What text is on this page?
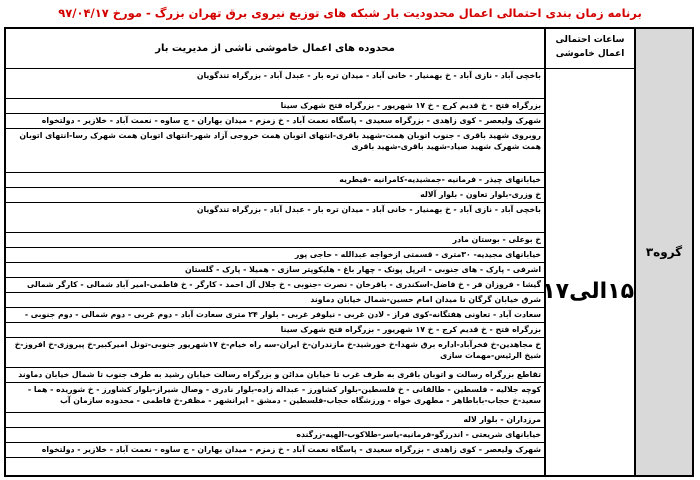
برنامه زمان بندی احتمالی اعمال محدودیت بار شبکه های توزیع نیروی برق تهران بزرگ - مورخ ۹۷/۰۴/۱۷
گروه۳
ساعات احتمالی اعمال خاموشی
۱۵الی۱۷
محدوده های اعمال خاموشی ناشی از مدیریت بار
باخچی آباد - نازی آباد - خ بهمنیار - خانی آباد - میدان تره بار - عبدل آباد - بزرگراه تندگویان
بزرگراه فتح - خ قدیم کرج - خ ۱۷ شهریور - بزرگراه فتح شهرک سینا
شهرک ولیعصر - کوی زاهدی - بزرگراه سعیدی - پاسگاه نعمت آباد - خ زمزم - میدان بهاران - ج ساوه - نعمت آباد - خلازیر - دولتخواه
روبروی شهید باقری - جنوب اتوبان همت-شهید باقری-انتهای اتوبان همت خروجی آزاد شهر-انتهای اتوبان همت شهرک رسا-انتهای اتوبان همت شهرک شهید صیاد-شهید باقری-شهید باقری
خیابانهای چیذر - فرمانیه -جمشیدیه-کامرانیه -قیطریه
خ وزری-بلوار تعاون - بلوار آلاله
باخچی آباد - نازی آباد - خ بهمنیار - خانی آباد - میدان تره بار - عبدل آباد - بزرگراه تندگویان
خ بوعلی - بوستان مادر
خیابانهای مجیدیه- ۳۰متری - قسمتی ازخواجه عبدالله - حاجی پور
اشرفی - پارک - های جنوبی - اترپل پونک - چهار باغ - هلیکوپتر سازی - همیلا - پارک - گلستان
گیشا - فروزان فر - خ فاضل-اسکندری - باقرخان - نصرت -جنوبی - خ جلال آل احمد - کارگر - خ فاطمی-امیر آباد شمالی - کارگر شمالی
شرق خیابان گرگان تا میدان امام حسین-شمال خیابان دماوند
سعادت آباد - تعاونی هفتگانه-کوی فراز - لادن غربی - نیلوفر غربی - بلوار ۲۴ متری سعادت آباد - دوم غربی - دوم شمالی - دوم جنوبی -
بزرگراه فتح - خ قدیم کرج - خ ۱۷ شهریور - بزرگراه فتح شهرک سینا
خ مجاهدین-خ فخرآباد-اداره برق شهدا-خ خورشید-خ مازندران-خ ایران-سه راه خیام-خ ۱۷شهریور جنوبی-تونل امیرکبیر-خ پیروزی-خ افروز-خ شیخ الرئیس-مهمات سازی
تقاطع بزرگراه رسالت و اتوبان باقری به طرف غرب تا خیابان مدائن و بزرگراه رسالت خیابان رشید به طرف جنوب تا شمال خیابان دماوند
کوچه جلالیه - فلسطین - طالقانی - خ فلسطین-بلوار کشاورز - عبداله زاده-بلوار نادری - وصال شیراز-بلوار کشاورز - خ شوریده - هما - سعید-خ حجاب-باباطاهر - مطهری خواه - ورزشگاه حجاب-فلسطین - دمشق - ایرانشهر - مظفر-خ فاطمی - محدوده سازمان آب
مرزداران - بلوار لاله
خیابانهای شریعتی - اندرزگو-فرمانیه-یاسر-طلاکوب-الهیه-زرگنده
شهرک ولیعصر - کوی زاهدی - بزرگراه سعیدی - پاسگاه نعمت آباد - خ زمزم - میدان بهاران - ج ساوه - نعمت آباد - خلازیر - دولتخواه
